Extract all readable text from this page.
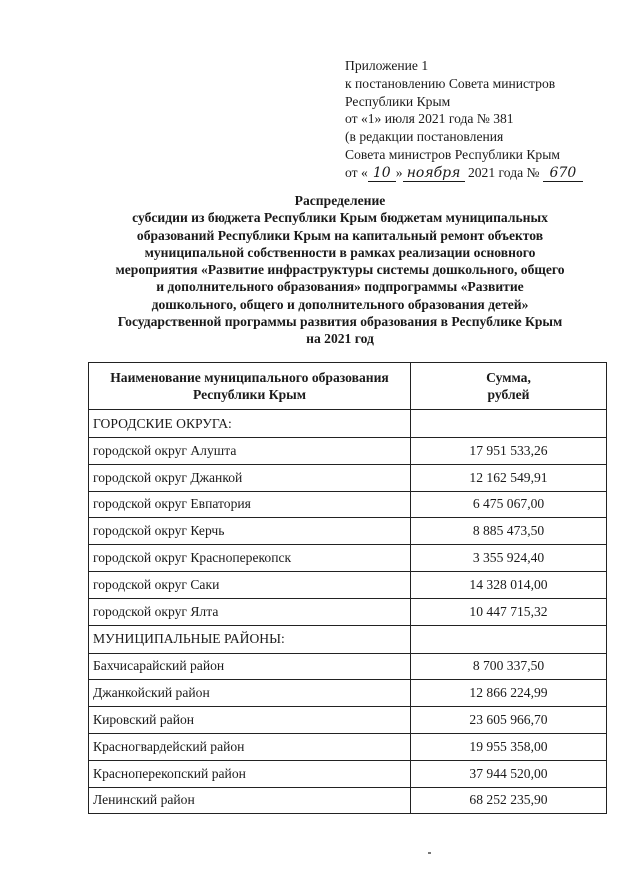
Приложение 1
к постановлению Совета министров
Республики Крым
от «1» июля 2021 года № 381
(в редакции постановления
Совета министров Республики Крым
от « 10 » ноября 2021 года № 670
Распределение
субсидии из бюджета Республики Крым бюджетам муниципальных
образований Республики Крым на капитальный ремонт объектов
муниципальной собственности в рамках реализации основного
мероприятия «Развитие инфраструктуры системы дошкольного, общего
и дополнительного образования» подпрограммы «Развитие
дошкольного, общего и дополнительного образования детей»
Государственной программы развития образования в Республике Крым
на 2021 год
Наименование муниципального образования
Республики Крым	Сумма,
рублей
ГОРОДСКИЕ ОКРУГА:	
городской округ Алушта	17 951 533,26
городской округ Джанкой	12 162 549,91
городской округ Евпатория	6 475 067,00
городской округ Керчь	8 885 473,50
городской округ Красноперекопск	3 355 924,40
городской округ Саки	14 328 014,00
городской округ Ялта	10 447 715,32
МУНИЦИПАЛЬНЫЕ РАЙОНЫ:	
Бахчисарайский район	8 700 337,50
Джанкойский район	12 866 224,99
Кировский район	23 605 966,70
Красногвардейский район	19 955 358,00
Красноперекопский район	37 944 520,00
Ленинский район	68 252 235,90
